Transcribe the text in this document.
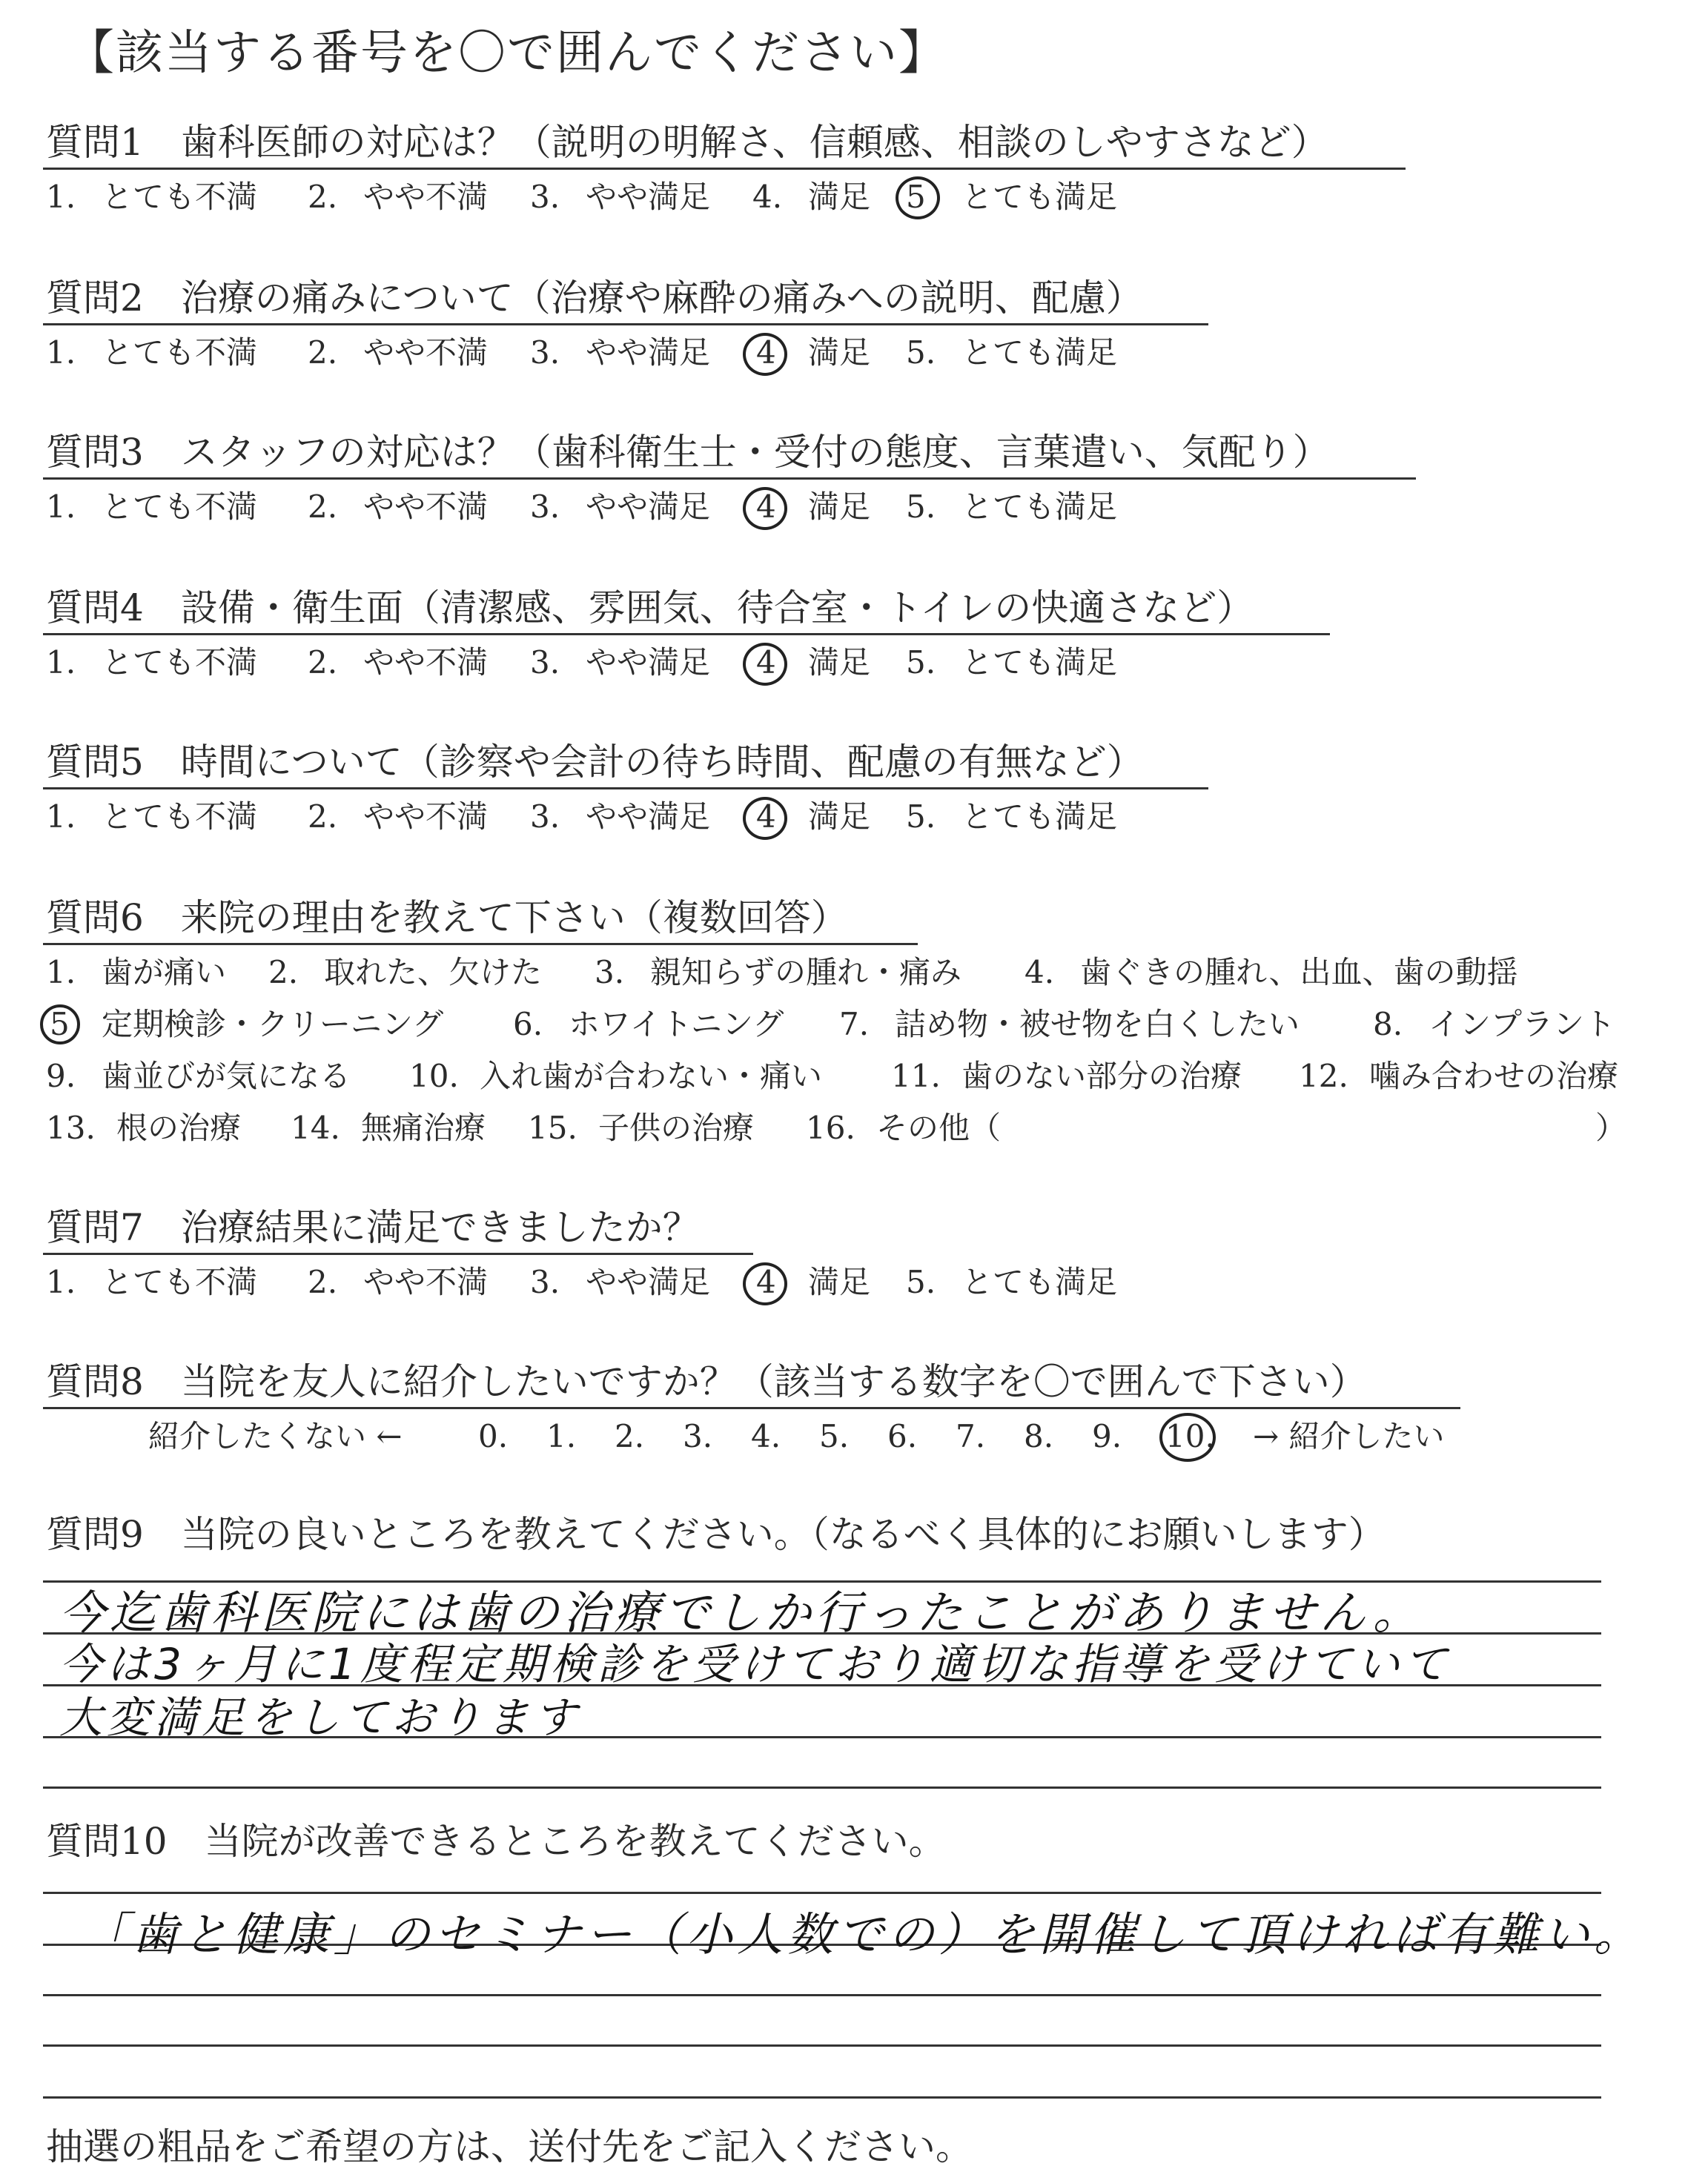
【該当する番号を〇で囲んでください】
質問1　歯科医師の対応は？（説明の明解さ、信頼感、相談のしやすさなど）
1. とても不満 2. やや不満 3. やや満足 4. 満足 5 とても満足
質問2　治療の痛みについて（治療や麻酔の痛みへの説明、配慮）
1. とても不満 2. やや不満 3. やや満足 4 満足 5. とても満足
質問3　スタッフの対応は？（歯科衛生士・受付の態度、言葉遣い、気配り）
1. とても不満 2. やや不満 3. やや満足 4 満足 5. とても満足
質問4　設備・衛生面（清潔感、雰囲気、待合室・トイレの快適さなど）
1. とても不満 2. やや不満 3. やや満足 4 満足 5. とても満足
質問5　時間について（診察や会計の待ち時間、配慮の有無など）
1. とても不満 2. やや不満 3. やや満足 4 満足 5. とても満足
質問6　来院の理由を教えて下さい（複数回答）
1. 歯が痛い 2. 取れた、欠けた 3. 親知らずの腫れ・痛み 4. 歯ぐきの腫れ、出血、歯の動揺
5 定期検診・クリーニング 6. ホワイトニング 7. 詰め物・被せ物を白くしたい 8. インプラント
9. 歯並びが気になる 10. 入れ歯が合わない・痛い 11. 歯のない部分の治療 12. 噛み合わせの治療
13. 根の治療 14. 無痛治療 15. 子供の治療 16. その他（	）
質問7　治療結果に満足できましたか？
1. とても不満 2. やや不満 3. やや満足 4 満足 5. とても満足
質問8　当院を友人に紹介したいですか？（該当する数字を〇で囲んで下さい）
紹介したくない ← 0. 1. 2. 3. 4. 5. 6. 7. 8. 9. 10. → 紹介したい
質問9　当院の良いところを教えてください。（なるべく具体的にお願いします）
今迄歯科医院には歯の治療でしか行ったことがありません。
今は3ヶ月に1度程定期検診を受けており適切な指導を受けていて
大変満足をしております
質問10　当院が改善できるところを教えてください。
「歯と健康」のセミナー（小人数での）を開催して頂ければ有難い。
抽選の粗品をご希望の方は、送付先をご記入ください。
